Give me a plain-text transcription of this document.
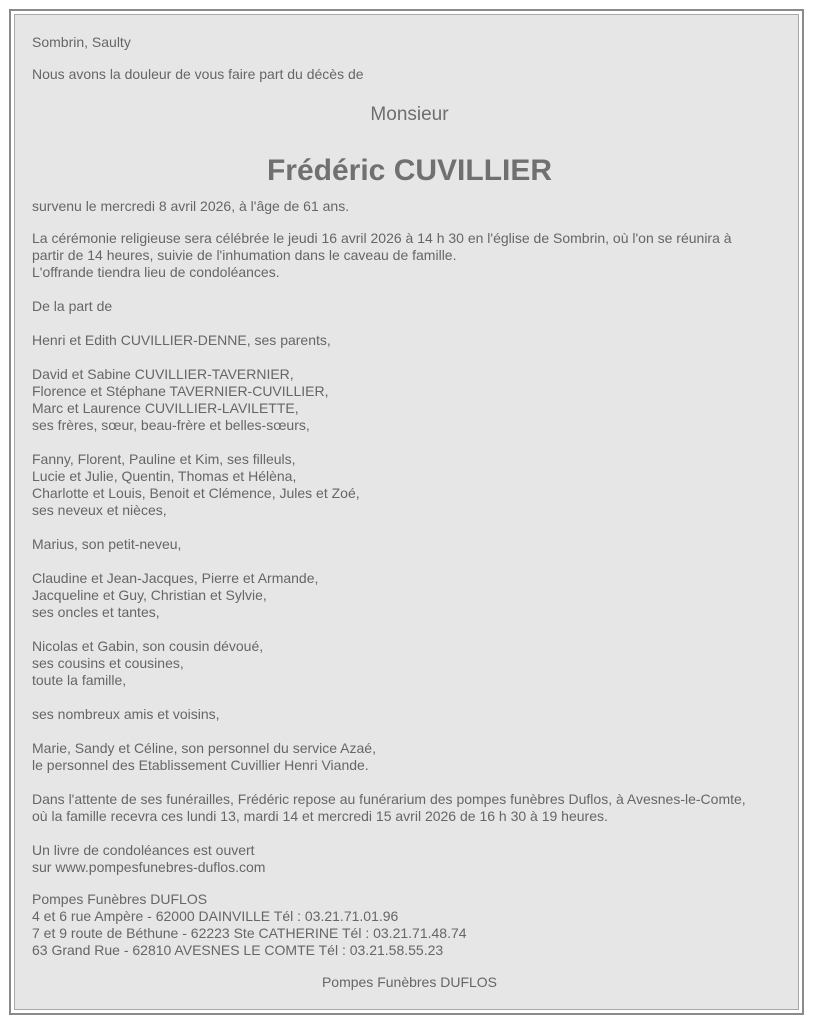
Sombrin, Saulty

Nous avons la douleur de vous faire part du décès de

Monsieur

Frédéric CUVILLIER

survenu le mercredi 8 avril 2026, à l'âge de 61 ans.

La cérémonie religieuse sera célébrée le jeudi 16 avril 2026 à 14 h 30 en l'église de Sombrin, où l'on se réunira à
partir de 14 heures, suivie de l'inhumation dans le caveau de famille.
L'offrande tiendra lieu de condoléances.

De la part de

Henri et Edith CUVILLIER-DENNE, ses parents,

David et Sabine CUVILLIER-TAVERNIER,
Florence et Stéphane TAVERNIER-CUVILLIER,
Marc et Laurence CUVILLIER-LAVILETTE,
ses frères, sœur, beau-frère et belles-sœurs,

Fanny, Florent, Pauline et Kim, ses filleuls,
Lucie et Julie, Quentin, Thomas et Hélèna,
Charlotte et Louis, Benoit et Clémence, Jules et Zoé,
ses neveux et nièces,

Marius, son petit-neveu,

Claudine et Jean-Jacques, Pierre et Armande,
Jacqueline et Guy, Christian et Sylvie,
ses oncles et tantes,

Nicolas et Gabin, son cousin dévoué,
ses cousins et cousines,
toute la famille,

ses nombreux amis et voisins,

Marie, Sandy et Céline, son personnel du service Azaé,
le personnel des Etablissement Cuvillier Henri Viande.

Dans l'attente de ses funérailles, Frédéric repose au funérarium des pompes funèbres Duflos, à Avesnes-le-Comte,
où la famille recevra ces lundi 13, mardi 14 et mercredi 15 avril 2026 de 16 h 30 à 19 heures.

Un livre de condoléances est ouvert
sur www.pompesfunebres-duflos.com

Pompes Funèbres DUFLOS
4 et 6 rue Ampère - 62000 DAINVILLE Tél : 03.21.71.01.96
7 et 9 route de Béthune - 62223 Ste CATHERINE Tél : 03.21.71.48.74
63 Grand Rue - 62810 AVESNES LE COMTE Tél : 03.21.58.55.23

Pompes Funèbres DUFLOS
